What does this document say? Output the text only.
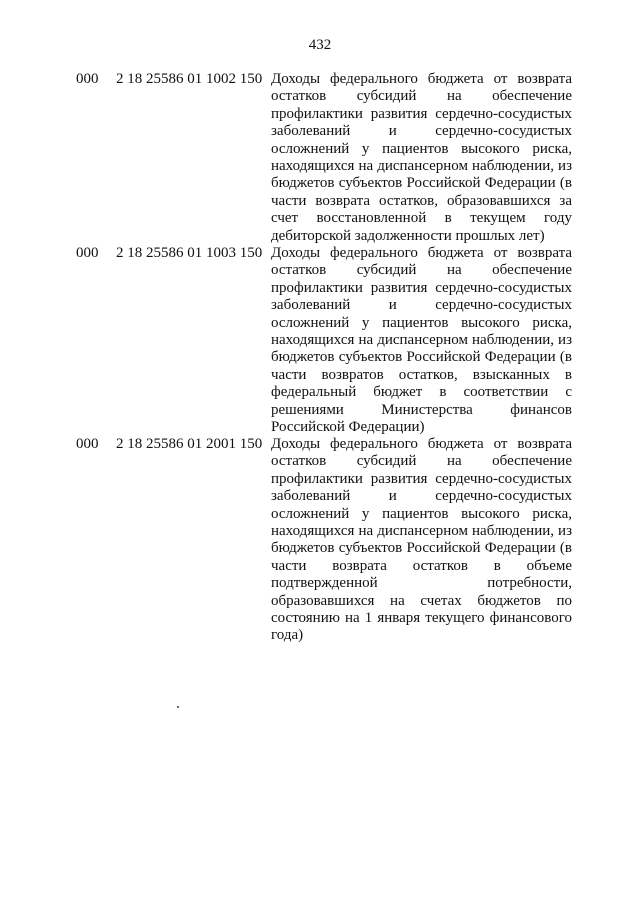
432
000 2 18 25586 01 1002 150 Доходы федерального бюджета от возврата
остатков субсидий на обеспечение
профилактики развития сердечно-сосудистых
заболеваний и сердечно-сосудистых
осложнений у пациентов высокого риска,
находящихся на диспансерном наблюдении, из
бюджетов субъектов Российской Федерации (в
части возврата остатков, образовавшихся за
счет восстановленной в текущем году
дебиторской задолженности прошлых лет)
000 2 18 25586 01 1003 150 Доходы федерального бюджета от возврата
остатков субсидий на обеспечение
профилактики развития сердечно-сосудистых
заболеваний и сердечно-сосудистых
осложнений у пациентов высокого риска,
находящихся на диспансерном наблюдении, из
бюджетов субъектов Российской Федерации (в
части возвратов остатков, взысканных в
федеральный бюджет в соответствии с
решениями Министерства финансов
Российской Федерации)
000 2 18 25586 01 2001 150 Доходы федерального бюджета от возврата
остатков субсидий на обеспечение
профилактики развития сердечно-сосудистых
заболеваний и сердечно-сосудистых
осложнений у пациентов высокого риска,
находящихся на диспансерном наблюдении, из
бюджетов субъектов Российской Федерации (в
части возврата остатков в объеме
подтвержденной потребности,
образовавшихся на счетах бюджетов по
состоянию на 1 января текущего финансового
года)
